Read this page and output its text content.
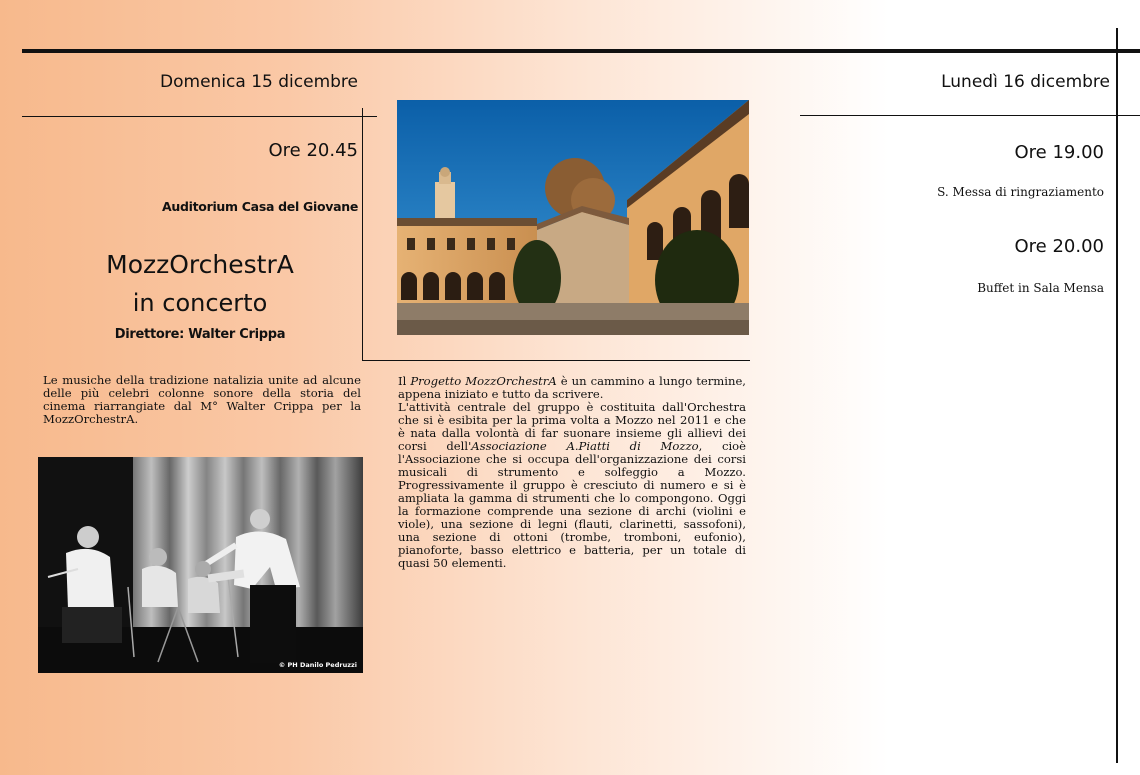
Domenica 15 dicembre
Ore 20.45
Auditorium Casa del Giovane
MozzOrchestrA
in concerto
Direttore: Walter Crippa
Le musiche della tradizione natalizia unite ad alcune delle più celebri colonne sonore della storia del cinema riarrangiate dal M° Walter Crippa per la MozzOrchestrA.
© PH Danilo Pedruzzi
Il Progetto MozzOrchestrA è un cammino a lungo termine, appena iniziato e tutto da scrivere.
L'attività centrale del gruppo è costituita dall'Orchestra che si è esibita per la prima volta a Mozzo nel 2011 e che è nata dalla volontà di far suonare insieme gli allievi dei corsi dell'Associazione A.Piatti di Mozzo, cioè l'Associazione che si occupa dell'organizzazione dei corsi musicali di strumento e solfeggio a Mozzo. Progressivamente il gruppo è cresciuto di numero e si è ampliata la gamma di strumenti che lo compongono. Oggi la formazione comprende una sezione di archi (violini e viole), una sezione di legni (flauti, clarinetti, sassofoni), una sezione di ottoni (trombe, tromboni, eufonio), pianoforte, basso elettrico e batteria, per un totale di quasi 50 elementi.
Lunedì 16 dicembre
Ore 19.00
S. Messa di ringraziamento
Ore 20.00
Buffet in Sala Mensa
